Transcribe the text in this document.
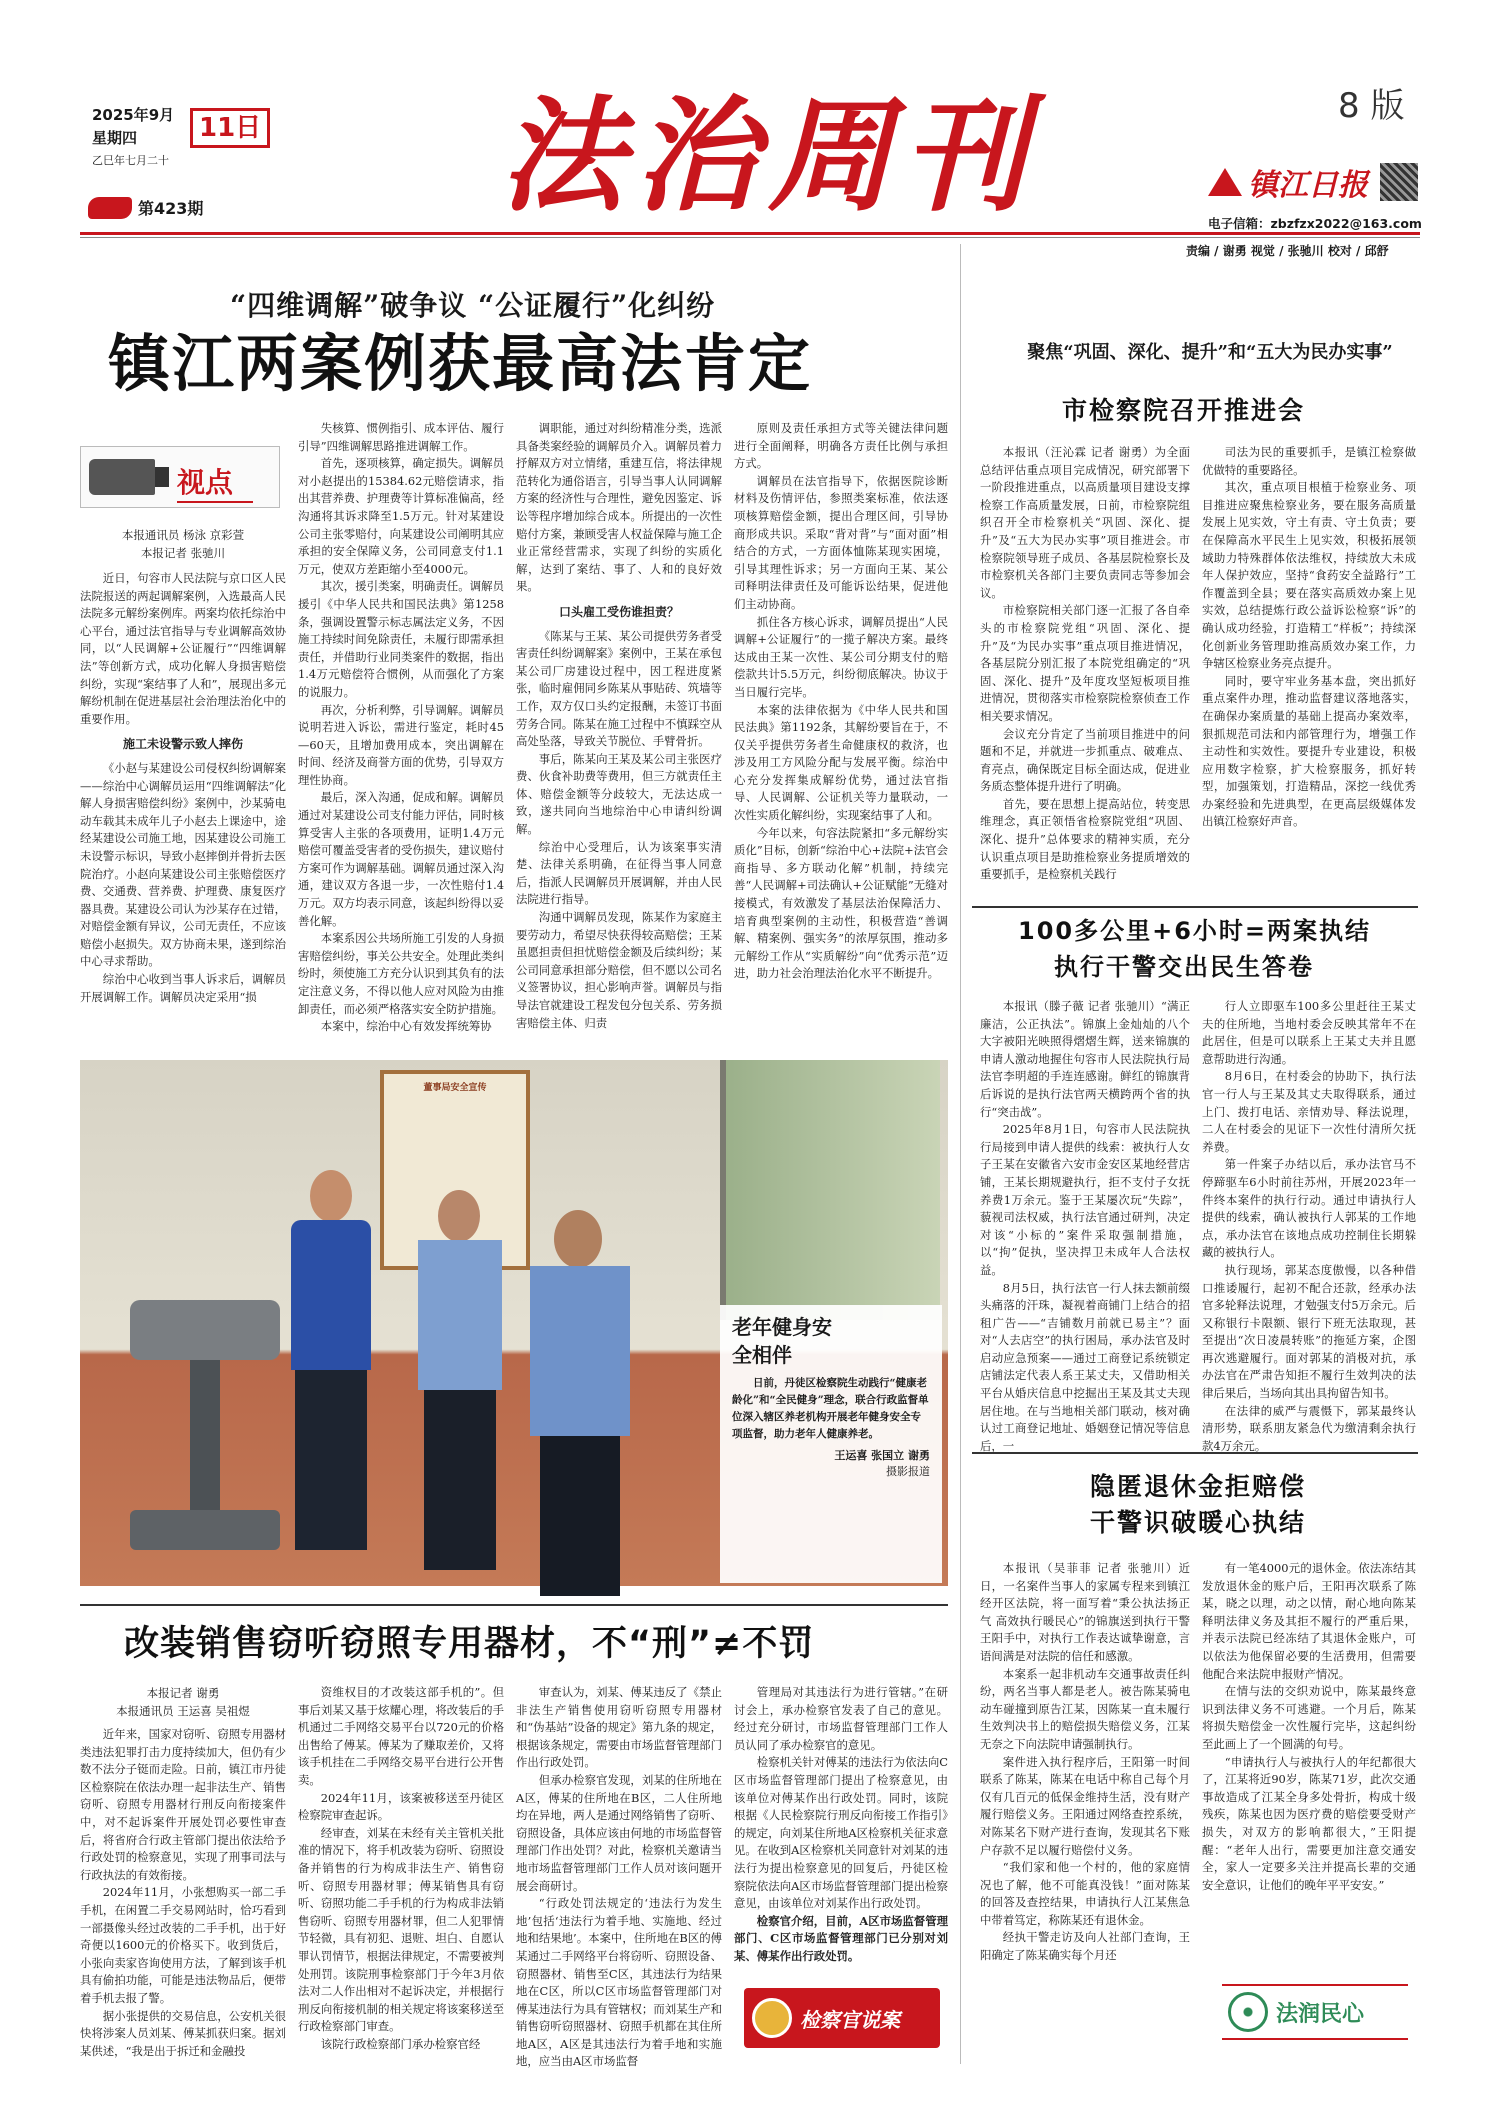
2025年9月
星期四
乙巳年七月二十
11日
第423期 法治周刊	8 版
镇江日报
电子信箱：zbzfzx2022@163.com
责编 / 谢勇 视觉 / 张驰川 校对 / 邱舒
“四维调解”破争议 “公证履行”化纠纷
镇江两案例获最高法肯定
视点

本报通讯员 杨泳 京彩萱

本报记者 张驰川

近日，句容市人民法院与京口区人民法院报送的两起调解案例，入选最高人民法院多元解纷案例库。两案均依托综治中心平台，通过法官指导与专业调解高效协同，以“人民调解+公证履行”“四维调解法”等创新方式，成功化解人身损害赔偿纠纷，实现“案结事了人和”，展现出多元解纷机制在促进基层社会治理法治化中的重要作用。

施工未设警示致人摔伤

《小赵与某建设公司侵权纠纷调解案——综治中心调解员运用“四维调解法”化解人身损害赔偿纠纷》案例中，沙某骑电动车载其未成年儿子小赵去上课途中，途经某建设公司施工地，因某建设公司施工未设警示标识，导致小赵摔倒并骨折去医院治疗。小赵向某建设公司主张赔偿医疗费、交通费、营养费、护理费、康复医疗器具费。某建设公司认为沙某存在过错，对赔偿金额有异议，公司无责任，不应该赔偿小赵损失。双方协商未果，遂到综治中心寻求帮助。

综治中心收到当事人诉求后，调解员开展调解工作。调解员决定采用“损

失核算、惯例指引、成本评估、履行引导”四维调解思路推进调解工作。

首先，逐项核算，确定损失。调解员对小赵提出的15384.62元赔偿请求，指出其营养费、护理费等计算标准偏高，经沟通将其诉求降至1.5万元。针对某建设公司主张零赔付，向某建设公司阐明其应承担的安全保障义务，公司同意支付1.1万元，使双方差距缩小至4000元。

其次，援引类案，明确责任。调解员援引《中华人民共和国民法典》第1258条，强调设置警示标志属法定义务，不因施工持续时间免除责任，未履行即需承担责任，并借助行业同类案件的数据，指出1.4万元赔偿符合惯例，从而强化了方案的说服力。

再次，分析利弊，引导调解。调解员说明若进入诉讼，需进行鉴定，耗时45—60天，且增加费用成本，突出调解在时间、经济及商誉方面的优势，引导双方理性协商。

最后，深入沟通，促成和解。调解员通过对某建设公司支付能力评估，同时核算受害人主张的各项费用，证明1.4万元赔偿可覆盖受害者的受伤损失，建议赔付方案可作为调解基础。调解员通过深入沟通，建议双方各退一步，一次性赔付1.4万元。双方均表示同意，该起纠纷得以妥善化解。

本案系因公共场所施工引发的人身损害赔偿纠纷，事关公共安全。处理此类纠纷时，须使施工方充分认识到其负有的法定注意义务，不得以他人应对风险为由推卸责任，而必须严格落实安全防护措施。

本案中，综治中心有效发挥统筹协

调职能，通过对纠纷精准分类，选派具备类案经验的调解员介入。调解员着力抒解双方对立情绪，重建互信，将法律规范转化为通俗语言，引导当事人认同调解方案的经济性与合理性，避免因鉴定、诉讼等程序增加综合成本。所提出的一次性赔付方案，兼顾受害人权益保障与施工企业正常经营需求，实现了纠纷的实质化解，达到了案结、事了、人和的良好效果。

口头雇工受伤谁担责？

《陈某与王某、某公司提供劳务者受害责任纠纷调解案》案例中，王某在承包某公司厂房建设过程中，因工程进度紧张，临时雇佣同乡陈某从事贴砖、筑墙等工作，双方仅口头约定报酬，未签订书面劳务合同。陈某在施工过程中不慎踩空从高处坠落，导致关节脱位、手臂骨折。

事后，陈某向王某及某公司主张医疗费、伙食补助费等费用，但三方就责任主体、赔偿金额等分歧较大，无法达成一致，遂共同向当地综治中心申请纠纷调解。

综治中心受理后，认为该案事实清楚、法律关系明确，在征得当事人同意后，指派人民调解员开展调解，并由人民法院进行指导。

沟通中调解员发现，陈某作为家庭主要劳动力，希望尽快获得较高赔偿；王某虽愿担责但担忧赔偿金额及后续纠纷；某公司同意承担部分赔偿，但不愿以公司名义签署协议，担心影响声誉。调解员与指导法官就建设工程发包分包关系、劳务损害赔偿主体、归责

原则及责任承担方式等关键法律问题进行全面阐释，明确各方责任比例与承担方式。

调解员在法官指导下，依据医院诊断材料及伤情评估，参照类案标准，依法逐项核算赔偿金额，提出合理区间，引导协商形成共识。采取“背对背”与“面对面”相结合的方式，一方面体恤陈某现实困境，引导其理性诉求；另一方面向王某、某公司释明法律责任及可能诉讼结果，促进他们主动协商。

抓住各方核心诉求，调解员提出“人民调解+公证履行”的一揽子解决方案。最终达成由王某一次性、某公司分期支付的赔偿款共计5.5万元，纠纷彻底解决。协议于当日履行完毕。

本案的法律依据为《中华人民共和国民法典》第1192条，其解纷要旨在于，不仅关乎提供劳务者生命健康权的救济，也涉及用工方风险分配与发展平衡。综治中心充分发挥集成解纷优势，通过法官指导、人民调解、公证机关等力量联动，一次性实质化解纠纷，实现案结事了人和。

今年以来，句容法院紧扣“多元解纷实质化”目标，创新“综治中心+法院+法官会商指导、多方联动化解”机制，持续完善“人民调解+司法确认+公证赋能”无缝对接模式，有效激发了基层法治保障活力、培育典型案例的主动性，积极营造“善调解、精案例、强实务”的浓厚氛围，推动多元解纷工作从“实质解纷”向“优秀示范”迈进，助力社会治理法治化水平不断提升。

董事局安全宣传
老年健身安全相伴
日前，丹徒区检察院生动践行“健康老龄化”和“全民健身”理念，联合行政监督单位深入辖区养老机构开展老年健身安全专项监督，助力老年人健康养老。
王运喜 张国立 谢勇
摄影报道
改装销售窃听窃照专用器材，不“刑”≠不罚

本报记者 谢勇

本报通讯员 王运喜 吴祖煜

近年来，国家对窃听、窃照专用器材类违法犯罪打击力度持续加大，但仍有少数不法分子铤而走险。日前，镇江市丹徒区检察院在依法办理一起非法生产、销售窃听、窃照专用器材行刑反向衔接案件中，对不起诉案件开展处罚必要性审查后，将省府合行政主管部门提出依法给予行政处罚的检察意见，实现了刑事司法与行政执法的有效衔接。

2024年11月，小张想购买一部二手手机，在闲置二手交易网站时，恰巧看到一部摄像头经过改装的二手手机，出于好奇便以1600元的价格买下。收到货后，小张向卖家咨询使用方法，了解到该手机具有偷拍功能，可能是违法物品后，便带着手机去报了警。

据小张提供的交易信息，公安机关很快将涉案人员刘某、傅某抓获归案。据刘某供述，“我是出于拆迁和金融投

资维权目的才改装这部手机的”。但事后刘某又基于炫耀心理，将改装后的手机通过二手网络交易平台以720元的价格出售给了傅某。傅某为了赚取差价，又将该手机挂在二手网络交易平台进行公开售卖。

2024年11月，该案被移送至丹徒区检察院审查起诉。

经审查，刘某在未经有关主管机关批准的情况下，将手机改装为窃听、窃照设备并销售的行为构成非法生产、销售窃听、窃照专用器材罪；傅某销售具有窃听、窃照功能二手手机的行为构成非法销售窃听、窃照专用器材罪，但二人犯罪情节轻微，具有初犯、退赃、坦白、自愿认罪认罚情节，根据法律规定，不需要被判处刑罚。该院刑事检察部门于今年3月依法对二人作出相对不起诉决定，并根据行刑反向衔接机制的相关规定将该案移送至行政检察部门审查。

该院行政检察部门承办检察官经

审查认为，刘某、傅某违反了《禁止非法生产销售使用窃听窃照专用器材和“伪基站”设备的规定》第九条的规定，根据该条规定，需要由市场监督管理部门作出行政处罚。

但承办检察官发现，刘某的住所地在A区，傅某的住所地在B区，二人住所地均在异地，两人是通过网络销售了窃听、窃照设备，具体应该由何地的市场监督管理部门作出处罚？对此，检察机关邀请当地市场监督管理部门工作人员对该问题开展会商研讨。

“行政处罚法规定的‘违法行为发生地’包括‘违法行为着手地、实施地、经过地和结果地’。本案中，住所地在B区的傅某通过二手网络平台将窃听、窃照设备、窃照器材、销售至C区，其违法行为结果地在C区，所以C区市场监督管理部门对傅某违法行为具有管辖权；而刘某生产和销售窃听窃照器材、窃照手机都在其住所地A区，A区是其违法行为着手地和实施地，应当由A区市场监督

管理局对其违法行为进行管辖。”在研讨会上，承办检察官发表了自己的意见。经过充分研讨，市场监督管理部门工作人员认同了承办检察官的意见。

检察机关针对傅某的违法行为依法向C区市场监督管理部门提出了检察意见，由该单位对傅某作出行政处罚。同时，该院根据《人民检察院行刑反向衔接工作指引》的规定，向刘某住所地A区检察机关征求意见。在收到A区检察机关同意针对刘某的违法行为提出检察意见的回复后，丹徒区检察院依法向A区市场监督管理部门提出检察意见，由该单位对刘某作出行政处罚。

检察官介绍，目前，A区市场监督管理部门、C区市场监督管理部门已分别对刘某、傅某作出行政处罚。

检察官说案
聚焦“巩固、深化、提升”和“五大为民办实事”
市检察院召开推进会

本报讯（汪沁霖 记者 谢勇）为全面总结评估重点项目完成情况，研究部署下一阶段推进重点，以高质量项目建设支撑检察工作高质量发展，日前，市检察院组织召开全市检察机关“巩固、深化、提升”及“五大为民办实事”项目推进会。市检察院领导班子成员、各基层院检察长及市检察机关各部门主要负责同志等参加会议。

市检察院相关部门逐一汇报了各自牵头的市检察院党组“巩固、深化、提升”及“为民办实事”重点项目推进情况，各基层院分别汇报了本院党组确定的“巩固、深化、提升”及年度攻坚短板项目推进情况，贯彻落实市检察院检察侦查工作相关要求情况。

会议充分肯定了当前项目推进中的问题和不足，并就进一步抓重点、破难点、育亮点，确保既定目标全面达成，促进业务质态整体提升进行了明确。

首先，要在思想上提高站位，转变思维理念，真正领悟省检察院党组“巩固、深化、提升”总体要求的精神实质，充分认识重点项目是助推检察业务提质增效的重要抓手，是检察机关践行

司法为民的重要抓手，是镇江检察做优做特的重要路径。

其次，重点项目根植于检察业务、项目推进应聚焦检察业务，要在服务高质量发展上见实效，守土有责、守土负责；要在保障高水平民生上见实效，积极拓展领域助力特殊群体依法维权，持续放大未成年人保护效应，坚持“食药安全益路行”工作覆盖到全县；要在落实高质效办案上见实效，总结提炼行政公益诉讼检察“诉”的确认成功经验，打造精工“样板”；持续深化创新业务管理助推高质效办案工作，力争辖区检察业务亮点提升。

同时，要守牢业务基本盘，突出抓好重点案件办理，推动监督建议落地落实，在确保办案质量的基础上提高办案效率，狠抓规范司法和内部管理行为，增强工作主动性和实效性。要提升专业建设，积极应用数字检察，扩大检察服务，抓好转型，加强策划，打造精品，深挖一线优秀办案经验和先进典型，在更高层级媒体发出镇江检察好声音。

100多公里+6小时=两案执结
执行干警交出民生答卷

本报讯（滕子薇 记者 张驰川）“满正廉洁，公正执法”。锦旗上金灿灿的八个大字被阳光映照得熠熠生辉，送来锦旗的申请人激动地握住句容市人民法院执行局法官李明超的手连连感谢。鲜红的锦旗背后诉说的是执行法官两天横跨两个省的执行“突击战”。

2025年8月1日，句容市人民法院执行局接到申请人提供的线索：被执行人女子王某在安徽省六安市金安区某地经营店铺，王某长期规避执行，拒不支付子女抚养费1万余元。鉴于王某屡次玩“失踪”，藐视司法权威，执行法官通过研判，决定对该“小标的”案件采取强制措施，以“拘”促执，坚决捍卫未成年人合法权益。

8月5日，执行法官一行人抹去额前缀头痛落的汗珠，凝视着商铺门上结合的招租广告——“吉铺数月前就已易主”？面对“人去店空”的执行困局，承办法官及时启动应急预案——通过工商登记系统锁定店铺法定代表人系王某丈夫，又借助相关平台从婚庆信息中挖掘出王某及其丈夫现居住地。在与当地相关部门联动，核对确认过工商登记地址、婚姻登记情况等信息后，一

行人立即驱车100多公里赶往王某丈夫的住所地，当地村委会反映其常年不在此居住，但是可以联系上王某丈夫并且愿意帮助进行沟通。

8月6日，在村委会的协助下，执行法官一行人与王某及其丈夫取得联系，通过上门、拨打电话、亲情劝导、释法说理，二人在村委会的见证下一次性付清所欠抚养费。

第一件案子办结以后，承办法官马不停蹄驱车6小时前往苏州，开展2023年一件终本案件的执行行动。通过申请执行人提供的线索，确认被执行人郭某的工作地点，承办法官在该地点成功控制住长期躲藏的被执行人。

执行现场，郭某态度傲慢，以各种借口推诿履行，起初不配合还款，经承办法官多轮释法说理，才勉强支付5万余元。后又称银行卡限额、银行下班无法取现，甚至提出“次日凌晨转账”的拖延方案，企图再次逃避履行。面对郭某的消极对抗，承办法官在严肃告知拒不履行生效判决的法律后果后，当场向其出具拘留告知书。

在法律的威严与震慑下，郭某最终认清形势，联系朋友紧急代为缴清剩余执行款4万余元。

隐匿退休金拒赔偿
干警识破暖心执结

本报讯（吴菲菲 记者 张驰川）近日，一名案件当事人的家属专程来到镇江经开区法院，将一面写着“秉公执法扬正气 高效执行暖民心”的锦旗送到执行干警王阳手中，对执行工作表达诚挚谢意，言语间满是对法院的信任和感激。

本案系一起非机动车交通事故责任纠纷，两名当事人都是老人。被告陈某骑电动车碰撞到原告江某，因陈某一直未履行生效判决书上的赔偿损失赔偿义务，江某无奈之下向法院申请强制执行。

案件进入执行程序后，王阳第一时间联系了陈某，陈某在电话中称自己每个月仅有几百元的低保金维持生活，没有财产履行赔偿义务。王阳通过网络查控系统，对陈某名下财产进行查询，发现其名下账户存款不足以履行赔偿付义务。

“我们家和他一个村的，他的家庭情况也了解，他不可能真没钱！”面对陈某的回答及查控结果，申请执行人江某焦急中带着笃定，称陈某还有退休金。

经执干警走访及向人社部门查询，王阳确定了陈某确实每个月还

有一笔4000元的退休金。依法冻结其发放退休金的账户后，王阳再次联系了陈某，晓之以理，动之以情，耐心地向陈某释明法律义务及其拒不履行的严重后果，并表示法院已经冻结了其退休金账户，可以依法为他保留必要的生活费用，但需要他配合来法院申报财产情况。

在情与法的交织劝说中，陈某最终意识到法律义务不可逃避。一个月后，陈某将损失赔偿金一次性履行完毕，这起纠纷至此画上了一个圆满的句号。

“申请执行人与被执行人的年纪都很大了，江某将近90岁，陈某71岁，此次交通事故造成了江某全身多处骨折，构成十级残疾，陈某也因为医疗费的赔偿要受财产损失，对双方的影响都很大，”王阳提醒：“老年人出行，需要更加注意交通安全，家人一定要多关注并提高长辈的交通安全意识，让他们的晚年平平安安。”

法润民心
